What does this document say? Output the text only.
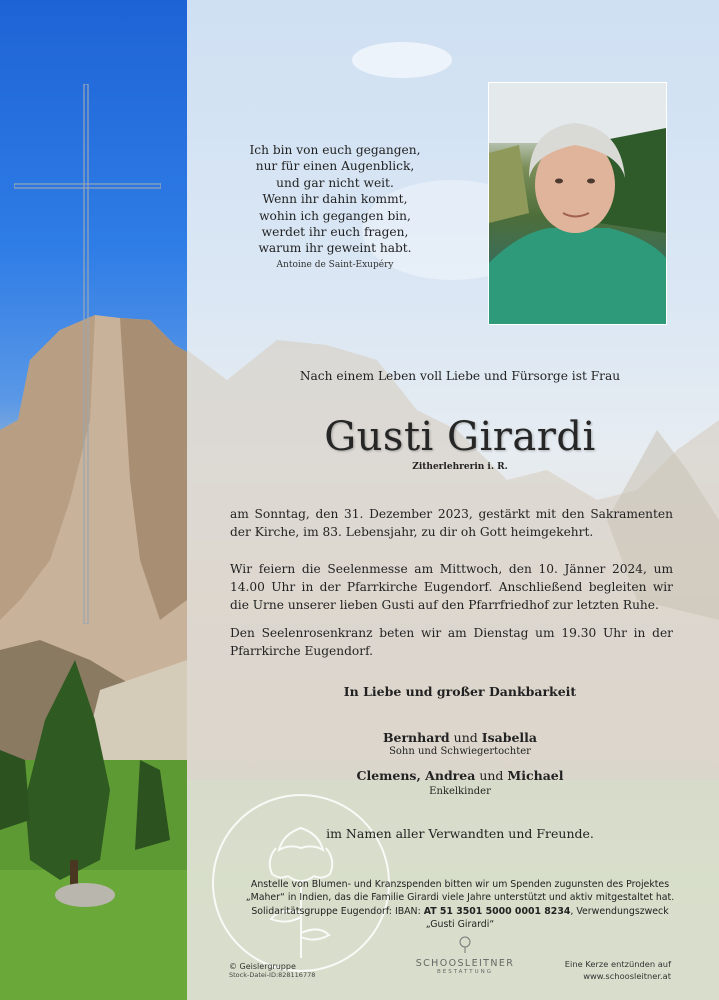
Ich bin von euch gegangen,
nur für einen Augenblick,
und gar nicht weit.
Wenn ihr dahin kommt,
wohin ich gegangen bin,
werdet ihr euch fragen,
warum ihr geweint habt.
Antoine de Saint-Exupéry
Nach einem Leben voll Liebe und Fürsorge ist Frau
Gusti Girardi
Zitherlehrerin i. R.
am Sonntag, den 31. Dezember 2023, gestärkt mit den Sakramenten der Kirche, im 83. Lebensjahr, zu dir oh Gott heimgekehrt.
Wir feiern die Seelenmesse am Mittwoch, den 10. Jänner 2024, um 14.00 Uhr in der Pfarrkirche Eugendorf. Anschließend begleiten wir die Urne unserer lieben Gusti auf den Pfarrfriedhof zur letzten Ruhe.
Den Seelenrosenkranz beten wir am Dienstag um 19.30 Uhr in der Pfarrkirche Eugendorf.
In Liebe und großer Dankbarkeit
Bernhard und Isabella
Sohn und Schwiegertochter
Clemens, Andrea und Michael
Enkelkinder
im Namen aller Verwandten und Freunde.
Anstelle von Blumen- und Kranzspenden bitten wir um Spenden zugunsten des Projektes
„Maher“ in Indien, das die Familie Girardi viele Jahre unterstützt und aktiv mitgestaltet hat.
Solidaritätsgruppe Eugendorf: IBAN: AT 51 3501 5000 0001 8234, Verwendungszweck
„Gusti Girardi“
© Geislergruppe
Stock-Datei-ID:828116778
SCHOOSLEITNER
BESTATTUNG
Eine Kerze entzünden auf
www.schoosleitner.at
